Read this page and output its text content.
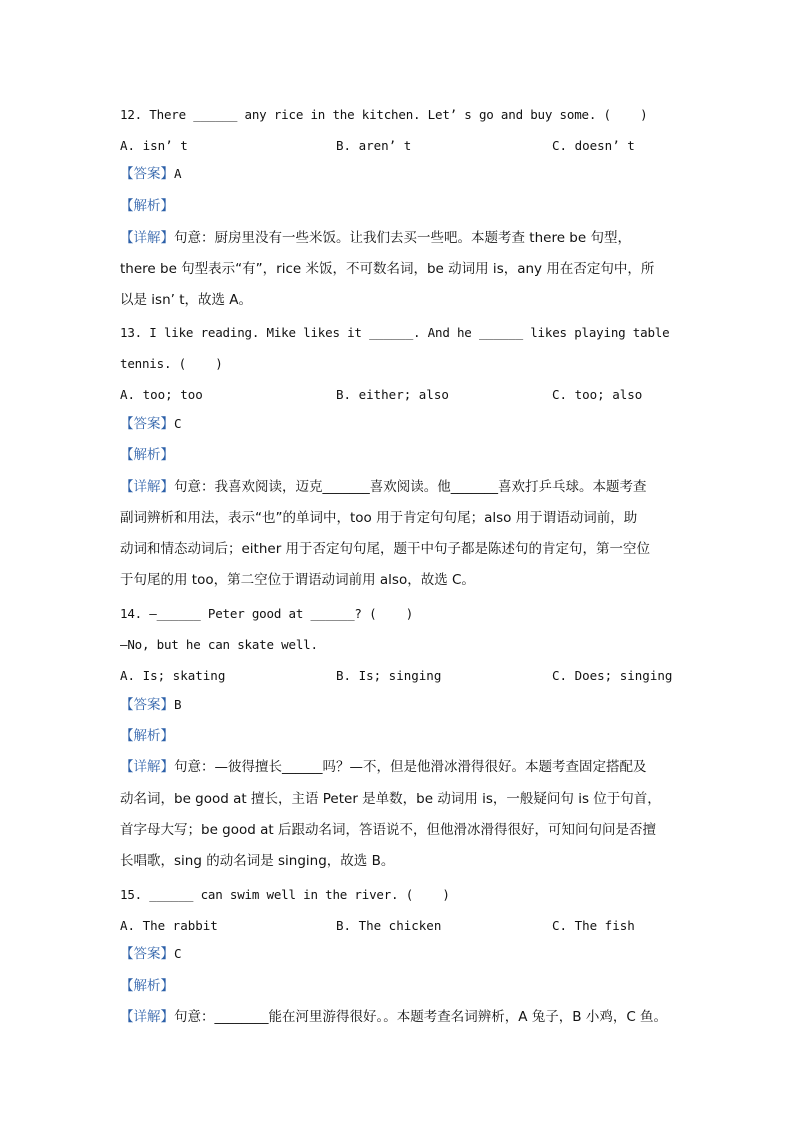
12. There ______ any rice in the kitchen. Let’ s go and buy some. (    )
A. isn’ t	B. aren’ t	C. doesn’ t
【答案】A
【解析】
【详解】句意：厨房里没有一些米饭。让我们去买一些吧。本题考查 there be 句型，
there be 句型表示“有”，rice 米饭，不可数名词，be 动词用 is，any 用在否定句中，所
以是 isn’ t，故选 A。
13. I like reading. Mike likes it ______. And he ______ likes playing table
tennis. (    )
A. too; too	B. either; also	C. too; also
【答案】C
【解析】
【详解】句意：我喜欢阅读，迈克_______喜欢阅读。他_______喜欢打乒乓球。本题考查
副词辨析和用法，表示“也”的单词中，too 用于肯定句句尾；also 用于谓语动词前，助
动词和情态动词后；either 用于否定句句尾，题干中句子都是陈述句的肯定句，第一空位
于句尾的用 too，第二空位于谓语动词前用 also，故选 C。
14. —______ Peter good at ______? (    )
—No, but he can skate well.
A. Is; skating	B. Is; singing	C. Does; singing
【答案】B
【解析】
【详解】句意：—彼得擅长______吗？—不，但是他滑冰滑得很好。本题考查固定搭配及
动名词，be good at 擅长，主语 Peter 是单数，be 动词用 is，一般疑问句 is 位于句首，
首字母大写；be good at 后跟动名词，答语说不，但他滑冰滑得很好，可知问句问是否擅
长唱歌，sing 的动名词是 singing，故选 B。
15. ______ can swim well in the river. (    )
A. The rabbit	B. The chicken	C. The fish
【答案】C
【解析】
【详解】句意：________能在河里游得很好。。本题考查名词辨析，A 兔子，B 小鸡，C 鱼。
